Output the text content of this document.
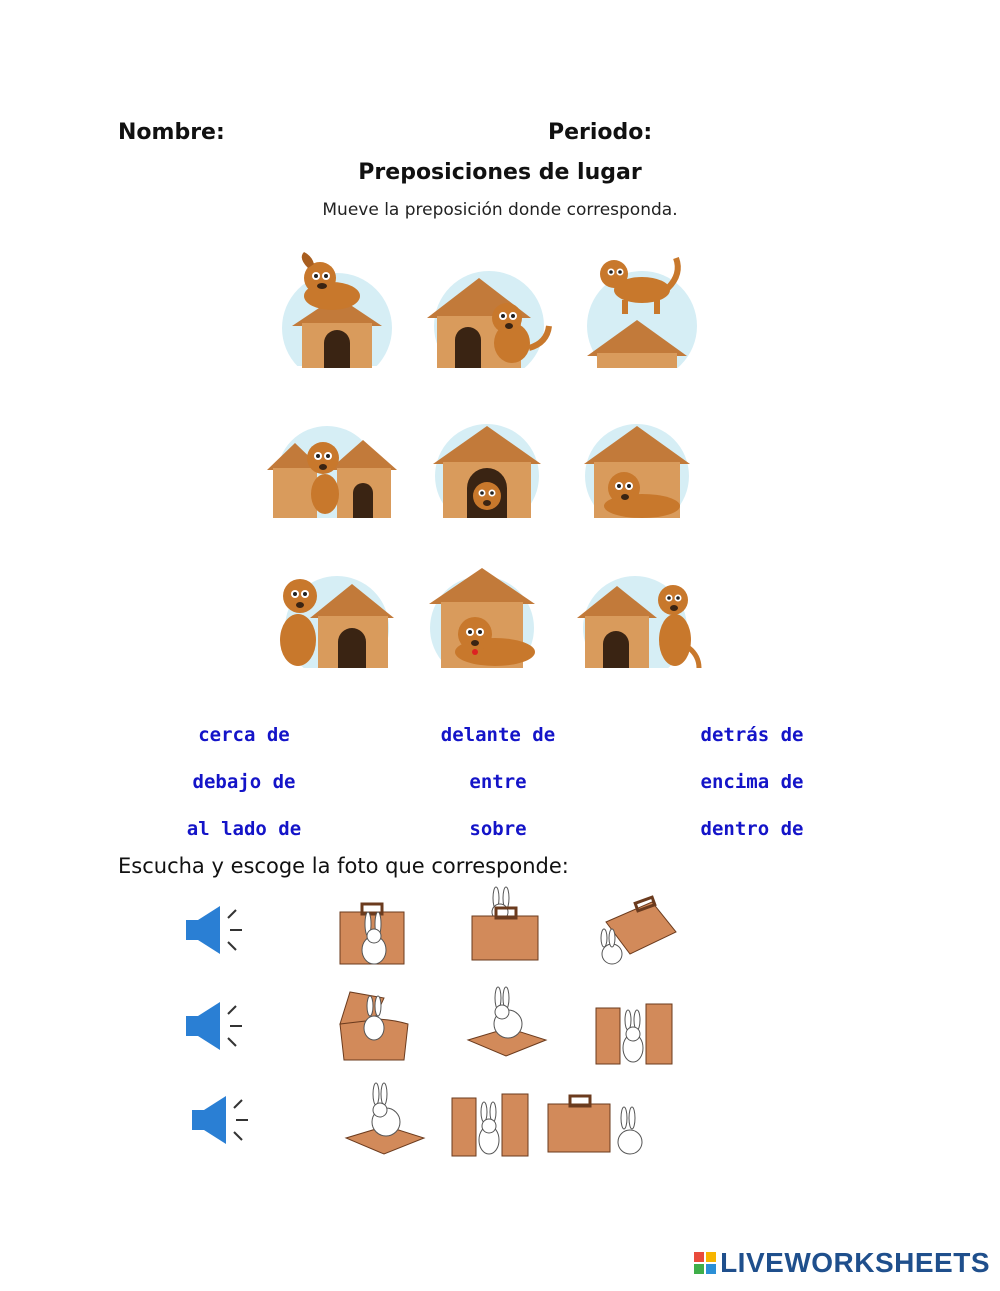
Nombre:	Periodo:
Preposiciones de lugar
Mueve la preposición donde corresponda.
cerca de	delante de	detrás de
debajo de	entre	encima de
al lado de	sobre	dentro de
Escucha y escoge la foto que corresponde:
LIVEWORKSHEETS
